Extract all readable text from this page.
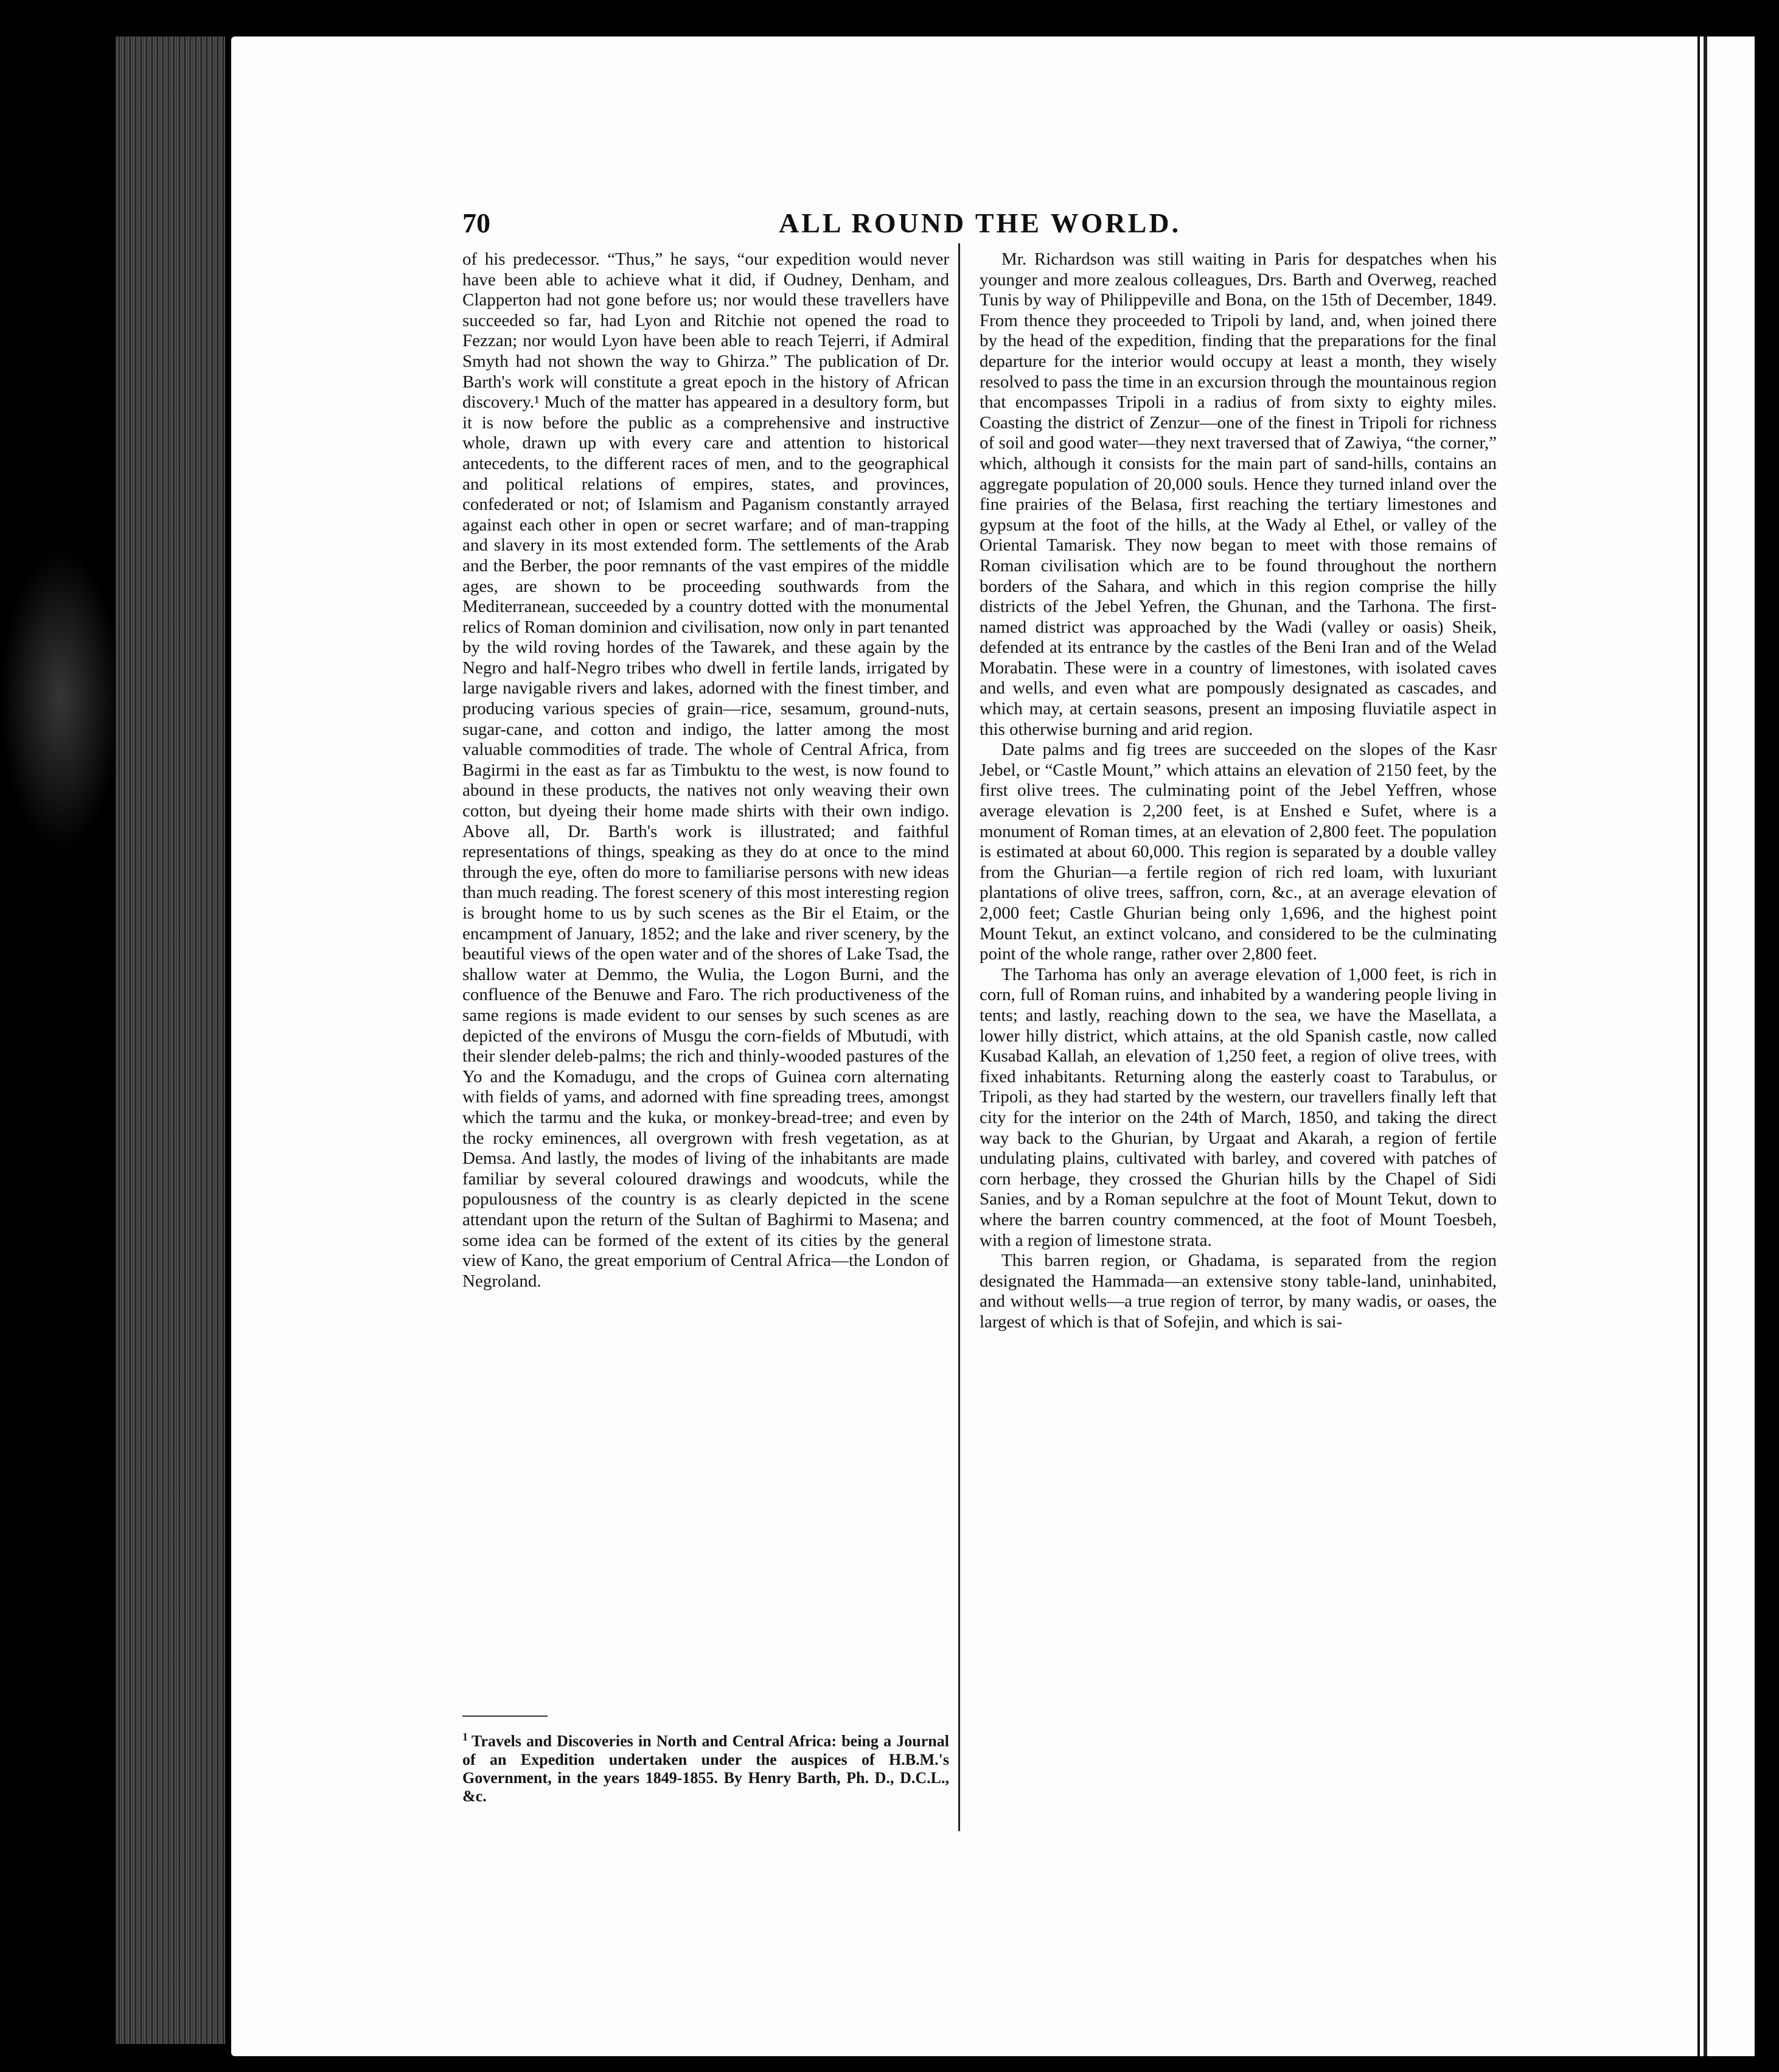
70	ALL ROUND THE WORLD.

of his predecessor. “Thus,” he says, “our expedition would never have been able to achieve what it did, if Oudney, Denham, and Clapperton had not gone before us; nor would these travellers have succeeded so far, had Lyon and Ritchie not opened the road to Fezzan; nor would Lyon have been able to reach Tejerri, if Admiral Smyth had not shown the way to Ghirza.” The publication of Dr. Barth's work will constitute a great epoch in the history of African discovery.¹ Much of the matter has appeared in a desultory form, but it is now before the public as a comprehensive and instructive whole, drawn up with every care and attention to historical antecedents, to the different races of men, and to the geographical and political relations of empires, states, and provinces, confederated or not; of Islamism and Paganism constantly arrayed against each other in open or secret warfare; and of man-trapping and slavery in its most extended form. The settlements of the Arab and the Berber, the poor remnants of the vast empires of the middle ages, are shown to be proceeding southwards from the Mediterranean, succeeded by a country dotted with the monumental relics of Roman dominion and civilisation, now only in part tenanted by the wild roving hordes of the Tawarek, and these again by the Negro and half-Negro tribes who dwell in fertile lands, irrigated by large navigable rivers and lakes, adorned with the finest timber, and producing various species of grain—rice, sesamum, ground-nuts, sugar-cane, and cotton and indigo, the latter among the most valuable commodities of trade. The whole of Central Africa, from Bagirmi in the east as far as Timbuktu to the west, is now found to abound in these products, the natives not only weaving their own cotton, but dyeing their home made shirts with their own indigo. Above all, Dr. Barth's work is illustrated; and faithful representations of things, speaking as they do at once to the mind through the eye, often do more to familiarise persons with new ideas than much reading. The forest scenery of this most interesting region is brought home to us by such scenes as the Bir el Etaim, or the encampment of January, 1852; and the lake and river scenery, by the beautiful views of the open water and of the shores of Lake Tsad, the shallow water at Demmo, the Wulia, the Logon Burni, and the confluence of the Benuwe and Faro. The rich productiveness of the same regions is made evident to our senses by such scenes as are depicted of the environs of Musgu the corn-fields of Mbutudi, with their slender deleb-palms; the rich and thinly-wooded pastures of the Yo and the Komadugu, and the crops of Guinea corn alternating with fields of yams, and adorned with fine spreading trees, amongst which the tarmu and the kuka, or monkey-bread-tree; and even by the rocky eminences, all overgrown with fresh vegetation, as at Demsa. And lastly, the modes of living of the inhabitants are made familiar by several coloured drawings and woodcuts, while the populousness of the country is as clearly depicted in the scene attendant upon the return of the Sultan of Baghirmi to Masena; and some idea can be formed of the extent of its cities by the general view of Kano, the great emporium of Central Africa—the London of Negroland.

Mr. Richardson was still waiting in Paris for despatches when his younger and more zealous colleagues, Drs. Barth and Overweg, reached Tunis by way of Philippeville and Bona, on the 15th of December, 1849. From thence they proceeded to Tripoli by land, and, when joined there by the head of the expedition, finding that the preparations for the final departure for the interior would occupy at least a month, they wisely resolved to pass the time in an excursion through the mountainous region that encompasses Tripoli in a radius of from sixty to eighty miles. Coasting the district of Zenzur—one of the finest in Tripoli for richness of soil and good water—they next traversed that of Zawiya, “the corner,” which, although it consists for the main part of sand-hills, contains an aggregate population of 20,000 souls. Hence they turned inland over the fine prairies of the Belasa, first reaching the tertiary limestones and gypsum at the foot of the hills, at the Wady al Ethel, or valley of the Oriental Tamarisk. They now began to meet with those remains of Roman civilisation which are to be found throughout the northern borders of the Sahara, and which in this region comprise the hilly districts of the Jebel Yefren, the Ghunan, and the Tarhona. The first-named district was approached by the Wadi (valley or oasis) Sheik, defended at its entrance by the castles of the Beni Iran and of the Welad Morabatin. These were in a country of limestones, with isolated caves and wells, and even what are pompously designated as cascades, and which may, at certain seasons, present an imposing fluviatile aspect in this otherwise burning and arid region.

Date palms and fig trees are succeeded on the slopes of the Kasr Jebel, or “Castle Mount,” which attains an elevation of 2150 feet, by the first olive trees. The culminating point of the Jebel Yeffren, whose average elevation is 2,200 feet, is at Enshed e Sufet, where is a monument of Roman times, at an elevation of 2,800 feet. The population is estimated at about 60,000. This region is separated by a double valley from the Ghurian—a fertile region of rich red loam, with luxuriant plantations of olive trees, saffron, corn, &c., at an average elevation of 2,000 feet; Castle Ghurian being only 1,696, and the highest point Mount Tekut, an extinct volcano, and considered to be the culminating point of the whole range, rather over 2,800 feet.

The Tarhoma has only an average elevation of 1,000 feet, is rich in corn, full of Roman ruins, and inhabited by a wandering people living in tents; and lastly, reaching down to the sea, we have the Masellata, a lower hilly district, which attains, at the old Spanish castle, now called Kusabad Kallah, an elevation of 1,250 feet, a region of olive trees, with fixed inhabitants. Returning along the easterly coast to Tarabulus, or Tripoli, as they had started by the western, our travellers finally left that city for the interior on the 24th of March, 1850, and taking the direct way back to the Ghurian, by Urgaat and Akarah, a region of fertile undulating plains, cultivated with barley, and covered with patches of corn herbage, they crossed the Ghurian hills by the Chapel of Sidi Sanies, and by a Roman sepulchre at the foot of Mount Tekut, down to where the barren country commenced, at the foot of Mount Toesbeh, with a region of limestone strata.

This barren region, or Ghadama, is separated from the region designated the Hammada—an extensive stony table-land, uninhabited, and without wells—a true region of terror, by many wadis, or oases, the largest of which is that of Sofejin, and which is sai-

$^1$ Travels and Discoveries in North and Central Africa: being a Journal of an Expedition undertaken under the auspices of H.B.M.'s Government, in the years 1849-1855. By Henry Barth, Ph. D., D.C.L., &c.
